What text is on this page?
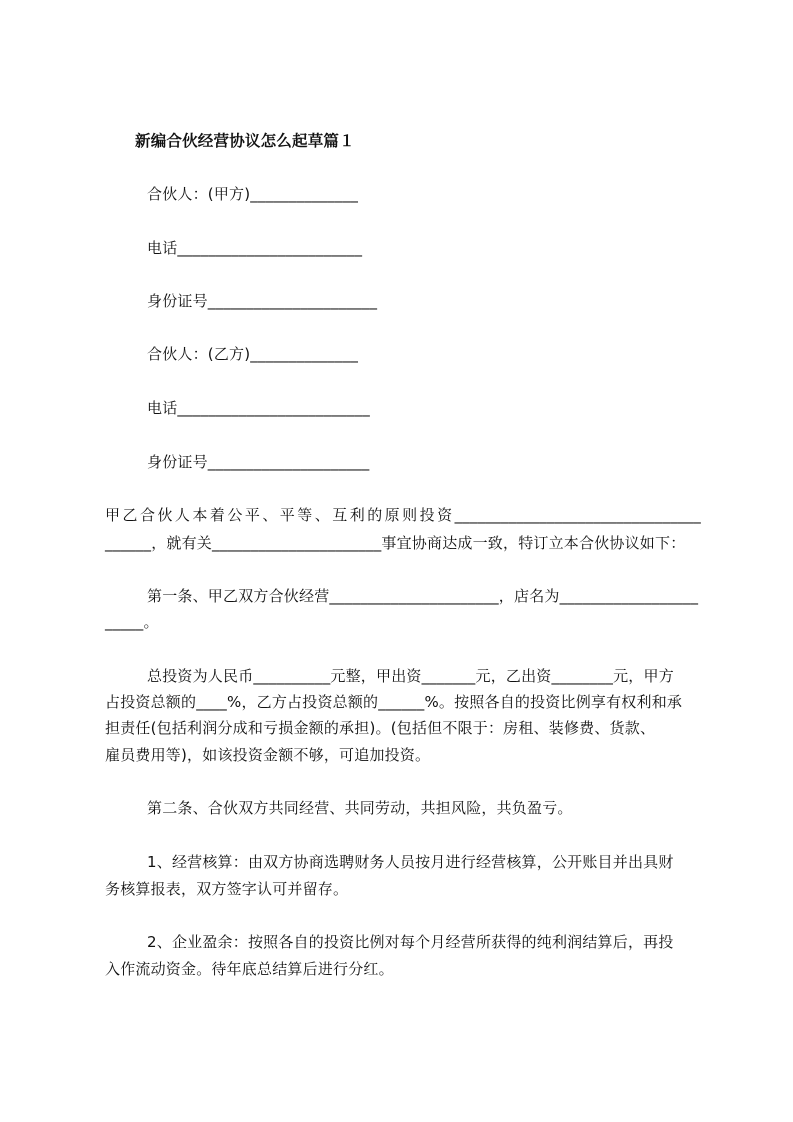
新编合伙经营协议怎么起草篇１
合伙人：(甲方)______________
电话________________________
身份证号______________________
合伙人：(乙方)______________
电话_________________________
身份证号_____________________
甲乙合伙人本着公平、平等、互利的原则投资________________________________
______，就有关______________________事宜协商达成一致，特订立本合伙协议如下：
第一条、甲乙双方合伙经营______________________，店名为__________________
_____。
总投资为人民币__________元整，甲出资_______元，乙出资________元，甲方
占投资总额的____%，乙方占投资总额的______%。按照各自的投资比例享有权利和承
担责任(包括利润分成和亏损金额的承担)。(包括但不限于：房租、装修费、货款、
雇员费用等)，如该投资金额不够，可追加投资。
第二条、合伙双方共同经营、共同劳动，共担风险，共负盈亏。
1、经营核算：由双方协商选聘财务人员按月进行经营核算，公开账目并出具财
务核算报表，双方签字认可并留存。
2、企业盈余：按照各自的投资比例对每个月经营所获得的纯利润结算后，再投
入作流动资金。待年底总结算后进行分红。
